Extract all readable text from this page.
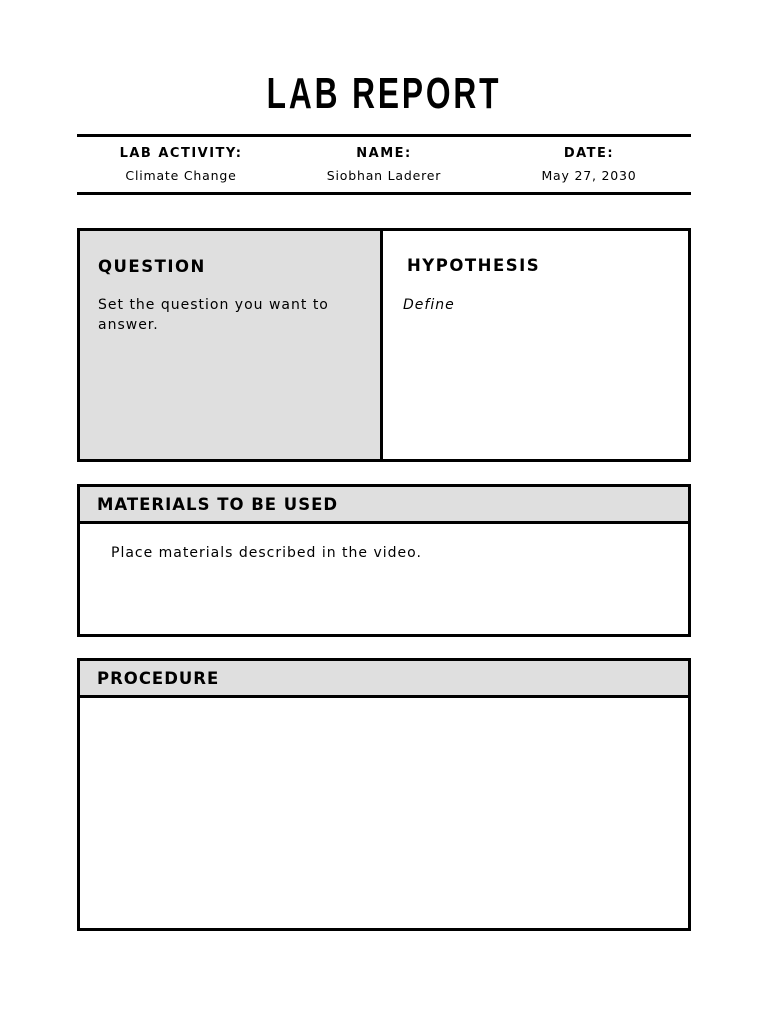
LAB REPORT
LAB ACTIVITY:
Climate Change
NAME:
Siobhan Laderer
DATE:
May 27, 2030
QUESTION
Set the question you want to answer.
HYPOTHESIS
Define
MATERIALS TO BE USED
Place materials described in the video.
PROCEDURE
